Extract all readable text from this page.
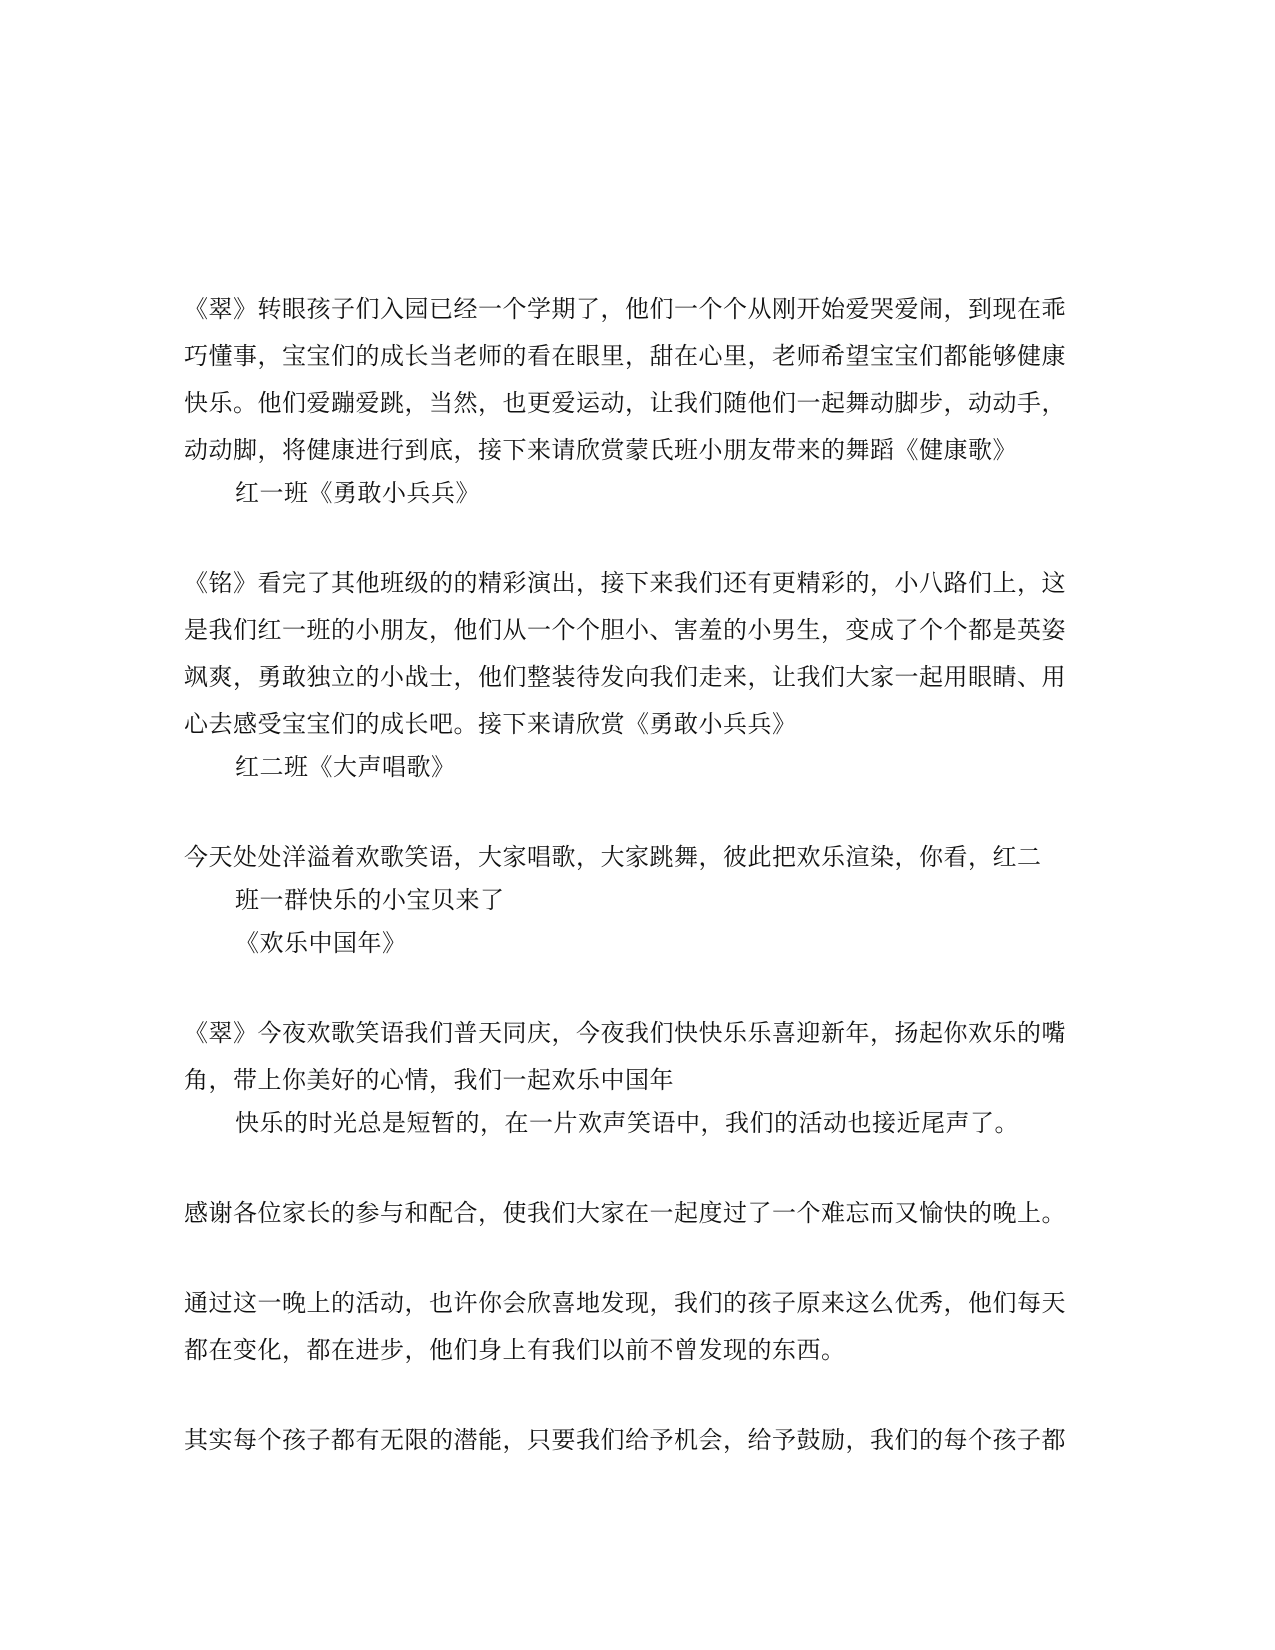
《翠》转眼孩子们入园已经一个学期了，他们一个个从刚开始爱哭爱闹，到现在乖
巧懂事，宝宝们的成长当老师的看在眼里，甜在心里，老师希望宝宝们都能够健康
快乐。他们爱蹦爱跳，当然，也更爱运动，让我们随他们一起舞动脚步，动动手，
动动脚，将健康进行到底，接下来请欣赏蒙氏班小朋友带来的舞蹈《健康歌》
红一班《勇敢小兵兵》
《铭》看完了其他班级的的精彩演出，接下来我们还有更精彩的，小八路们上，这
是我们红一班的小朋友，他们从一个个胆小、害羞的小男生，变成了个个都是英姿
飒爽，勇敢独立的小战士，他们整装待发向我们走来，让我们大家一起用眼睛、用
心去感受宝宝们的成长吧。接下来请欣赏《勇敢小兵兵》
红二班《大声唱歌》
今天处处洋溢着欢歌笑语，大家唱歌，大家跳舞，彼此把欢乐渲染，你看，红二
班一群快乐的小宝贝来了
《欢乐中国年》
《翠》今夜欢歌笑语我们普天同庆，今夜我们快快乐乐喜迎新年，扬起你欢乐的嘴
角，带上你美好的心情，我们一起欢乐中国年
快乐的时光总是短暂的，在一片欢声笑语中，我们的活动也接近尾声了。
感谢各位家长的参与和配合，使我们大家在一起度过了一个难忘而又愉快的晚上。
通过这一晚上的活动，也许你会欣喜地发现，我们的孩子原来这么优秀，他们每天
都在变化，都在进步，他们身上有我们以前不曾发现的东西。
其实每个孩子都有无限的潜能，只要我们给予机会，给予鼓励，我们的每个孩子都
